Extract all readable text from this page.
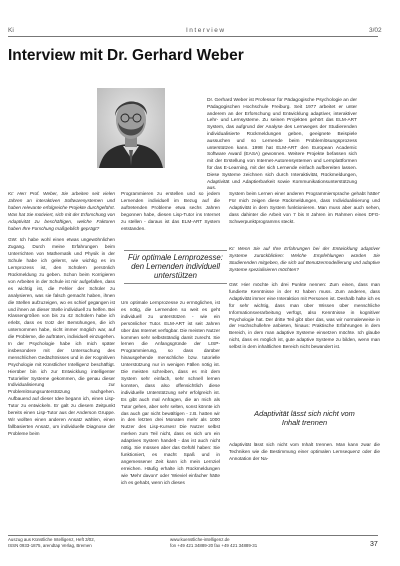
Ki	Interview	3/02
Interview mit Dr. Gerhard Weber

Dr. Gerhard Weber ist Professor für Pädagogische Psychologie an der Pädagogischen Hochschule Freiburg. Seit 1977 arbeitet er unter anderem an der Erforschung und Entwicklung adaptiver, interaktiver Lehr- und Lernsysteme. Zu seinen Projekten gehört das ELM-ART System, das aufgrund der Analyse des Lernweges der Studierenden individualisierte Rückmeldungen geben, geeignete Beispiele aussuchen und so Lernende beim Problemlösungsprozess unterstützen kann. 1998 hat ELM-ART den European Academic Software Award (EASA) gewonnen. Weitere Projekte befassen sich mit der Erstellung von Internet-Autorensystemen und Lernplattformen für das E-Learning, mit der sich Lernende einfach aufbereiten lassen. Diese Systeme zeichnen sich durch Interaktivität, Rückmeldungen, Adaptivität und Adaptierbarkeit sowie Kommunikationsunterstützung aus.

KI: Herr Prof. Weber, Sie arbeiten seit vielen Jahren an interaktiven Softwaresystemen und haben relevante erfolgreiche Projekte durchgeführt. Was hat Sie motiviert, sich mit der Erforschung von Adaptivität zu beschäftigen, welche Faktoren haben Ihre Forschung maßgeblich geprägt?

GW: Ich habe wohl einen etwas ungewöhnlichen Zugang. Durch meine Erfahrungen beim Unterrichten von Mathematik und Physik in der Schule habe ich gelernt, wie wichtig es im Lernprozess ist, den Schülern persönlich Rückmeldung zu geben. Schon beim Korrigieren von Arbeiten in der Schule ist mir aufgefallen, dass es wichtig ist, die Fehler der Schüler zu analysieren, was sie falsch gemacht haben, ihnen die Stellen aufzuzeigen, wo es schief gegangen ist und ihnen an dieser Stelle individuell zu helfen. Bei Klassengrößen von bis zu 42 Schülern habe ich erlebt, dass es trotz der Bemühungen, die ich unternommen habe, nicht immer möglich war, auf die Probleme, die auftraten, individuell einzugehen. In der Psychologie habe ich mich später insbesondere mit der Untersuchung des menschlichen Gedächtnisses und in der Kognitiven Psychologie mit Künstlicher Intelligenz beschäftigt. Hierüber bin ich zur Entwicklung intelligenter Tutorieller Systeme gekommen, die genau dieser Individualisierung zur Problemlösungsunterstützung nachgehen. Aufbauend auf dieser Idee begann ich, einen Lisp-Tutor zu entwickeln. Er galt zu diesem Zeitpunkt bereits einen Lisp-Tutor aus der Anderson Gruppe. Wir wollten einen anderen Ansatz wählen, einen fallbasierten Ansatz, um individuelle Diagnose der Probleme beim

Programmieren zu erstellen und so jedem Lernenden individuell im Bezug auf die auftretenden Probleme etwa sechs Jahren begonnen habe, diesen Lisp-Tutor ins Internet zu stellen - daraus ist das ELM-ART System entstanden.

Für optimale Lernprozesse: den Lernenden individuell unterstützen

Um optimale Lernprozesse zu ermöglichen, ist es nötig, die Lernenden so weit es geht individuell zu unterstützen - wie ein persönlicher Tutor. ELM-ART ist seit Jahren über das Internet verfügbar. Die meisten Nutzer kommen sehr selbstständig damit zurecht. Sie lernen die Anfangsgründe der LISP-Programmierung, so dass darüber hinausgehende menschliche bzw. tutorielle Unterstützung nur in wenigen Fällen nötig ist. Die meisten schreiben, dass es mit dem System sehr einfach, sehr schnell lernen konnten, dass also offensichtlich diese individuelle Unterstützung sehr erfolgreich ist. Es gibt auch mal Anfragen, die an mich als Tutor gehen, aber sehr selten, sonst könnte ich das auch gar nicht bewältigen - z.B. hatten wir in den letzten drei Monaten mehr als 1000 Nutzer des Lisp-Kurses! Die Nutzer selbst merken zum Teil nicht, dass es sich um ein adaptives System handelt - das ist auch nicht nötig. Sie müssen aber das Gefühl haben: Sie funktioniert, es macht Spaß und in angemessener Zeit kann ich mein Lernziel erreichen. Häufig erhalte ich Rückmeldungen wie 'Mehr davon!' oder 'Wieviel einfacher hätte ich es gehabt, wenn ich dieses

System beim Lernen einer anderen Programmiersprache gehabt hätte!' Für mich zeigen diese Rückmeldungen, dass Individualisierung und Adaptivität in dem System funktionieren. Man muss aber auch sehen, dass dahinter die Arbeit von 7 bis 8 Jahren im Rahmen eines DFG-Schwerpunktprogramms steckt.

KI: Wenn Sie auf Ihre Erfahrungen bei der Entwicklung adaptiver Systeme zurückblicken: Welche Empfehlungen würden Sie Studierenden mitgeben, die sich auf Benutzermodellierung und adaptive Systeme spezialisieren möchten?

GW: Hier möchte ich drei Punkte nennen: Zum einen, dass man fundierte Kenntnisse in der KI haben muss. Zum anderen, dass Adaptivität immer eine Interaktion mit Personen ist. Deshalb halte ich es für sehr wichtig, dass man über Wissen über menschliche Informationsverarbeitung verfügt, also Kenntnisse in kognitiver Psychologie hat. Der dritte Teil gibt über das, was wir normalerweise in der Hochschullehre anbieten, hinaus: Praktische Erfahrungen in dem Bereich, in dem man adaptive Systeme einsetzen möchte. Ich glaube nicht, dass es möglich ist, gute adaptive Systeme zu bilden, wenn man selbst in dem inhaltlichen Bereich nicht bewandert ist.

Adaptivität lässt sich nicht vom Inhalt trennen

Adaptivität lässt sich nicht vom Inhalt trennen. Man kann zwar die Techniken wie die Bestimmung einer optimalen Lernsequenz oder die Annotation der Na-

Auszug aus Künstliche Intelligenz, Heft 3/02,
ISSN 0933-1875, arendtap Verlag, Bremen
www.kuenstliche-intelligenz.de
fon +49 421 34889-20 fax +49 421 34889-31	37
